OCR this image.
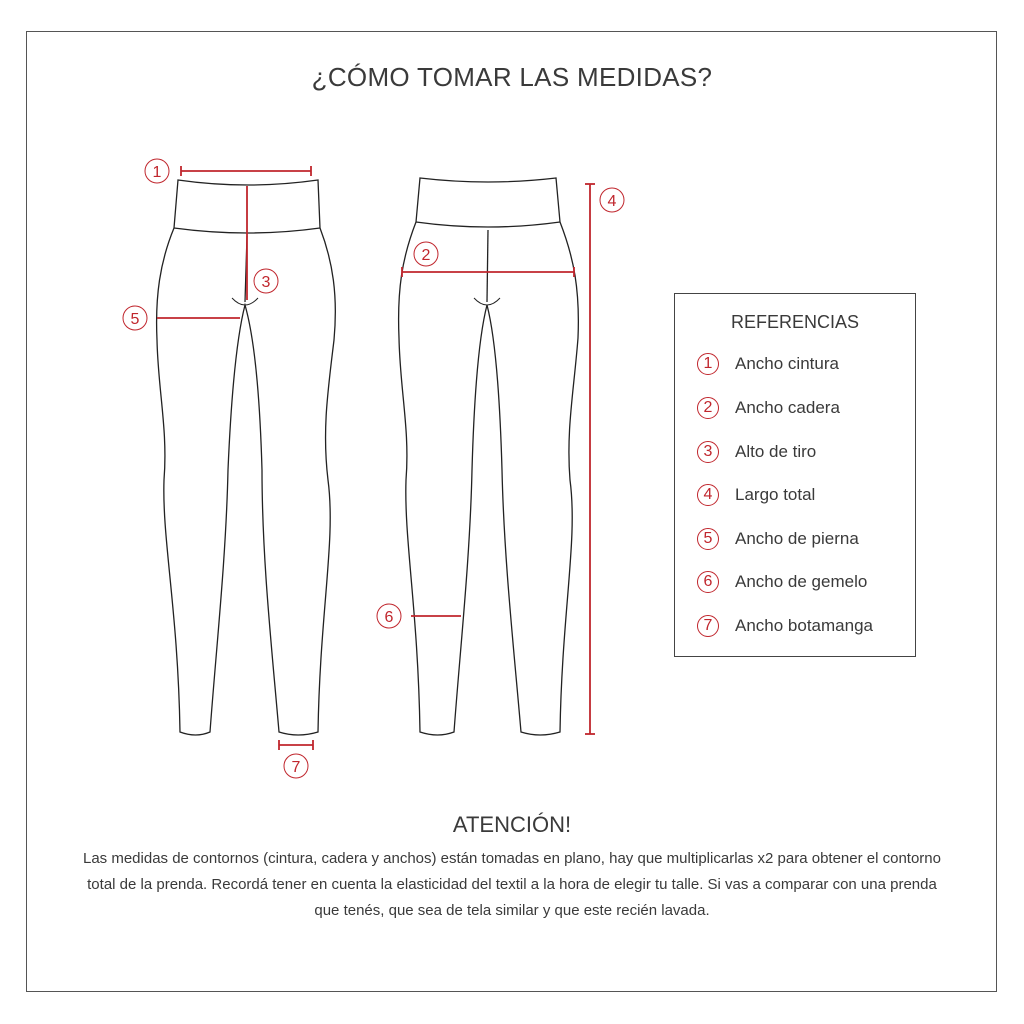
¿CÓMO TOMAR LAS MEDIDAS?
1
2
3
4
5
6
7
REFERENCIAS
1	Ancho cintura
2	Ancho cadera
3	Alto de tiro
4	Largo total
5	Ancho de pierna
6	Ancho de gemelo
7	Ancho botamanga
ATENCIÓN!
Las medidas de contornos (cintura, cadera y anchos) están tomadas en plano, hay que multiplicarlas x2 para obtener el contorno total de la prenda. Recordá tener en cuenta la elasticidad del textil a la hora de elegir tu talle. Si vas a comparar con una prenda que tenés, que sea de tela similar y que este recién lavada.
